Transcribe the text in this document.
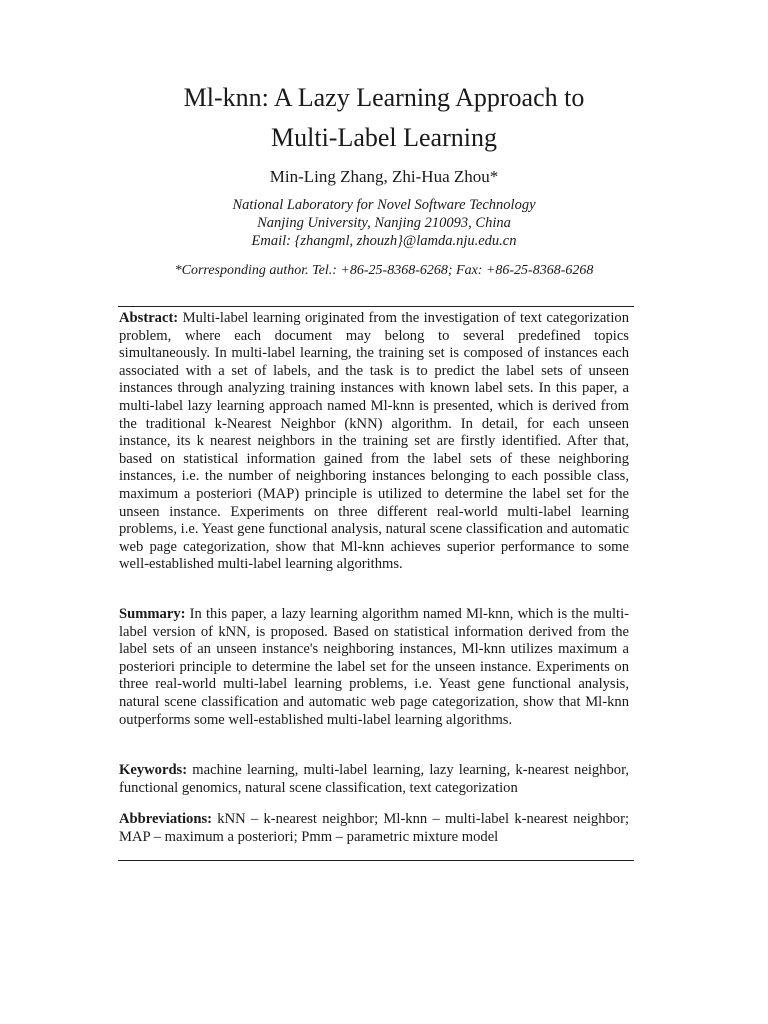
Ml-knn: A Lazy Learning Approach to
Multi-Label Learning
Min-Ling Zhang, Zhi-Hua Zhou*
National Laboratory for Novel Software Technology
Nanjing University, Nanjing 210093, China
Email: {zhangml, zhouzh}@lamda.nju.edu.cn
*Corresponding author. Tel.: +86-25-8368-6268; Fax: +86-25-8368-6268
Abstract: Multi-label learning originated from the investigation of text categorization problem, where each document may belong to several predefined topics simultaneously. In multi-label learning, the training set is composed of instances each associated with a set of labels, and the task is to predict the label sets of unseen instances through analyzing training instances with known label sets. In this paper, a multi-label lazy learning approach named Ml-knn is presented, which is derived from the traditional k-Nearest Neighbor (kNN) algorithm. In detail, for each unseen instance, its k nearest neighbors in the training set are firstly identified. After that, based on statistical information gained from the label sets of these neighboring instances, i.e. the number of neighboring instances belonging to each possible class, maximum a posteriori (MAP) principle is utilized to determine the label set for the unseen instance. Experiments on three different real-world multi-label learning problems, i.e. Yeast gene functional analysis, natural scene classification and automatic web page categorization, show that Ml-knn achieves superior performance to some well-established multi-label learning algorithms.
Summary: In this paper, a lazy learning algorithm named Ml-knn, which is the multi-label version of kNN, is proposed. Based on statistical information derived from the label sets of an unseen instance's neighboring instances, Ml-knn utilizes maximum a posteriori principle to determine the label set for the unseen instance. Experiments on three real-world multi-label learning problems, i.e. Yeast gene functional analysis, natural scene classification and automatic web page categorization, show that Ml-knn outperforms some well-established multi-label learning algorithms.
Keywords: machine learning, multi-label learning, lazy learning, k-nearest neighbor, functional genomics, natural scene classification, text categorization
Abbreviations: kNN – k-nearest neighbor; Ml-knn – multi-label k-nearest neighbor; MAP – maximum a posteriori; Pmm – parametric mixture model
